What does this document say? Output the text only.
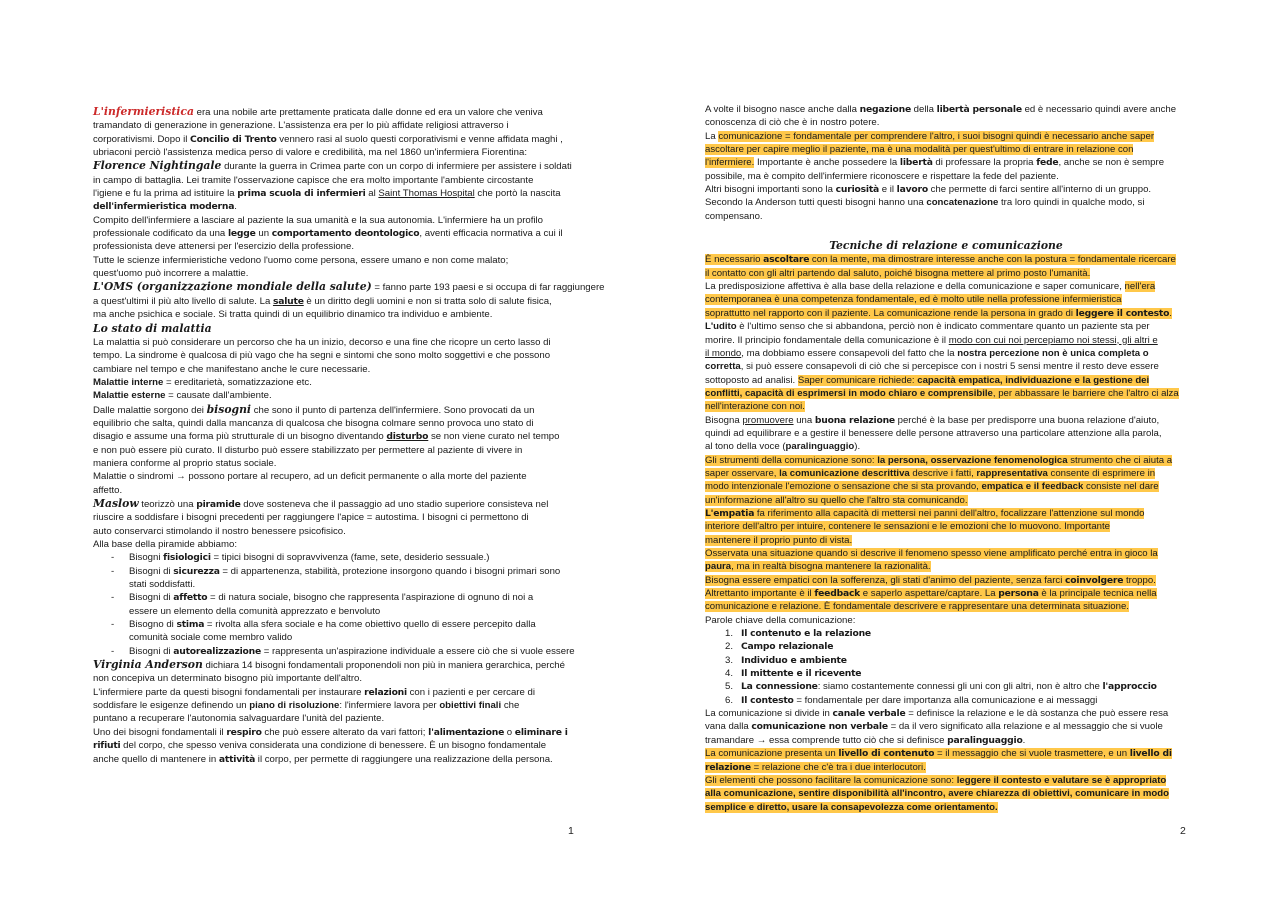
L'infermieristica era una nobile arte prettamente praticata dalle donne ed era un valore che veniva
tramandato di generazione in generazione. L'assistenza era per lo più affidate religiosi attraverso i
corporativismi. Dopo il Concilio di Trento vennero rasi al suolo questi corporativismi e venne affidata maghi ,
ubriaconi perciò l'assistenza medica perso di valore e credibilità, ma nel 1860 un'infermiera Fiorentina:
Florence Nightingale durante la guerra in Crimea parte con un corpo di infermiere per assistere i soldati
in campo di battaglia. Lei tramite l'osservazione capisce che era molto importante l'ambiente circostante
l'igiene e fu la prima ad istituire la prima scuola di infermieri al Saint Thomas Hospital che portò la nascita
dell'infermieristica moderna.
Compito dell'infermiere a lasciare al paziente la sua umanità e la sua autonomia. L'infermiere ha un profilo
professionale codificato da una legge un comportamento deontologico, aventi efficacia normativa a cui il
professionista deve attenersi per l'esercizio della professione.
Tutte le scienze infermieristiche vedono l'uomo come persona, essere umano e non come malato;
quest'uomo può incorrere a malattie.
L'OMS (organizzazione mondiale della salute) = fanno parte 193 paesi e si occupa di far raggiungere
a quest'ultimi il più alto livello di salute. La salute è un diritto degli uomini e non si tratta solo di salute fisica,
ma anche psichica e sociale. Si tratta quindi di un equilibrio dinamico tra individuo e ambiente.
Lo stato di malattia
La malattia si può considerare un percorso che ha un inizio, decorso e una fine che ricopre un certo lasso di
tempo. La sindrome è qualcosa di più vago che ha segni e sintomi che sono molto soggettivi e che possono
cambiare nel tempo e che manifestano anche le cure necessarie.
Malattie interne = ereditarietà, somatizzazione etc.
Malattie esterne = causate dall'ambiente.
Dalle malattie sorgono dei bisogni che sono il punto di partenza dell'infermiere. Sono provocati da un
equilibrio che salta, quindi dalla mancanza di qualcosa che bisogna colmare senno provoca uno stato di
disagio e assume una forma più strutturale di un bisogno diventando disturbo se non viene curato nel tempo
e non può essere più curato. Il disturbo può essere stabilizzato per permettere al paziente di vivere in
maniera conforme al proprio status sociale.
Malattie o sindromi → possono portare al recupero, ad un deficit permanente o alla morte del paziente
affetto.
Maslow teorizzò una piramide dove sosteneva che il passaggio ad uno stadio superiore consisteva nel
riuscire a soddisfare i bisogni precedenti per raggiungere l'apice = autostima. I bisogni ci permettono di
auto conservarci stimolando il nostro benessere psicofisico.
Alla base della piramide abbiamo:
- Bisogni fisiologici = tipici bisogni di sopravvivenza (fame, sete, desiderio sessuale.)
- Bisogni di sicurezza = di appartenenza, stabilità, protezione insorgono quando i bisogni primari sono
stati soddisfatti.
- Bisogni di affetto = di natura sociale, bisogno che rappresenta l'aspirazione di ognuno di noi a
essere un elemento della comunità apprezzato e benvoluto
- Bisogno di stima = rivolta alla sfera sociale e ha come obiettivo quello di essere percepito dalla
comunità sociale come membro valido
- Bisogni di autorealizzazione = rappresenta un'aspirazione individuale a essere ciò che si vuole essere
Virginia Anderson dichiara 14 bisogni fondamentali proponendoli non più in maniera gerarchica, perché
non concepiva un determinato bisogno più importante dell'altro.
L'infermiere parte da questi bisogni fondamentali per instaurare relazioni con i pazienti e per cercare di
soddisfare le esigenze definendo un piano di risoluzione: l'infermiere lavora per obiettivi finali che
puntano a recuperare l'autonomia salvaguardare l'unità del paziente.
Uno dei bisogni fondamentali il respiro che può essere alterato da vari fattori; l'alimentazione o eliminare i
rifiuti del corpo, che spesso veniva considerata una condizione di benessere. È un bisogno fondamentale
anche quello di mantenere in attività il corpo, per permette di raggiungere una realizzazione della persona.
1
A volte il bisogno nasce anche dalla negazione della libertà personale ed è necessario quindi avere anche
conoscenza di ciò che è in nostro potere.
La comunicazione = fondamentale per comprendere l'altro, i suoi bisogni quindi è necessario anche saper
ascoltare per capire meglio il paziente, ma è una modalità per quest'ultimo di entrare in relazione con
l'infermiere. Importante è anche possedere la libertà di professare la propria fede, anche se non è sempre
possibile, ma è compito dell'infermiere riconoscere e rispettare la fede del paziente.
Altri bisogni importanti sono la curiosità e il lavoro che permette di farci sentire all'interno di un gruppo.
Secondo la Anderson tutti questi bisogni hanno una concatenazione tra loro quindi in qualche modo, si
compensano.
Tecniche di relazione e comunicazione
È necessario ascoltare con la mente, ma dimostrare interesse anche con la postura = fondamentale ricercare
il contatto con gli altri partendo dal saluto, poiché bisogna mettere al primo posto l'umanità.
La predisposizione affettiva è alla base della relazione e della comunicazione e saper comunicare, nell'era
contemporanea è una competenza fondamentale, ed è molto utile nella professione infermieristica
soprattutto nel rapporto con il paziente. La comunicazione rende la persona in grado di leggere il contesto.
L'udito è l'ultimo senso che si abbandona, perciò non è indicato commentare quanto un paziente sta per
morire. Il principio fondamentale della comunicazione è il modo con cui noi percepiamo noi stessi, gli altri e
il mondo, ma dobbiamo essere consapevoli del fatto che la nostra percezione non è unica completa o
corretta, si può essere consapevoli di ciò che si percepisce con i nostri 5 sensi mentre il resto deve essere
sottoposto ad analisi. Saper comunicare richiede: capacità empatica, individuazione e la gestione dei
conflitti, capacità di esprimersi in modo chiaro e comprensibile, per abbassare le barriere che l'altro ci alza
nell'interazione con noi.
Bisogna promuovere una buona relazione perché è la base per predisporre una buona relazione d'aiuto,
quindi ad equilibrare e a gestire il benessere delle persone attraverso una particolare attenzione alla parola,
al tono della voce (paralinguaggio).
Gli strumenti della comunicazione sono: la persona, osservazione fenomenologica strumento che ci aiuta a
saper osservare, la comunicazione descrittiva descrive i fatti, rappresentativa consente di esprimere in
modo intenzionale l'emozione o sensazione che si sta provando, empatica e il feedback consiste nel dare
un'informazione all'altro su quello che l'altro sta comunicando.
L'empatia fa riferimento alla capacità di mettersi nei panni dell'altro, focalizzare l'attenzione sul mondo
interiore dell'altro per intuire, contenere le sensazioni e le emozioni che lo muovono. Importante
mantenere il proprio punto di vista.
Osservata una situazione quando si descrive il fenomeno spesso viene amplificato perché entra in gioco la
paura, ma in realtà bisogna mantenere la razionalità.
Bisogna essere empatici con la sofferenza, gli stati d'animo del paziente, senza farci coinvolgere troppo.
Altrettanto importante è il feedback e saperlo aspettare/captare. La persona è la principale tecnica nella
comunicazione e relazione. È fondamentale descrivere e rappresentare una determinata situazione.
Parole chiave della comunicazione:
1. Il contenuto e la relazione
2. Campo relazionale
3. Individuo e ambiente
4. Il mittente e il ricevente
5. La connessione: siamo costantemente connessi gli uni con gli altri, non è altro che l'approccio
6. Il contesto = fondamentale per dare importanza alla comunicazione e ai messaggi
La comunicazione si divide in canale verbale = definisce la relazione e le dà sostanza che può essere resa
vana dalla comunicazione non verbale = da il vero significato alla relazione e al messaggio che si vuole
tramandare → essa comprende tutto ciò che si definisce paralinguaggio.
La comunicazione presenta un livello di contenuto = il messaggio che si vuole trasmettere, e un livello di
relazione = relazione che c'è tra i due interlocutori.
Gli elementi che possono facilitare la comunicazione sono: leggere il contesto e valutare se è appropriato
alla comunicazione, sentire disponibilità all'incontro, avere chiarezza di obiettivi, comunicare in modo
semplice e diretto, usare la consapevolezza come orientamento.
2
